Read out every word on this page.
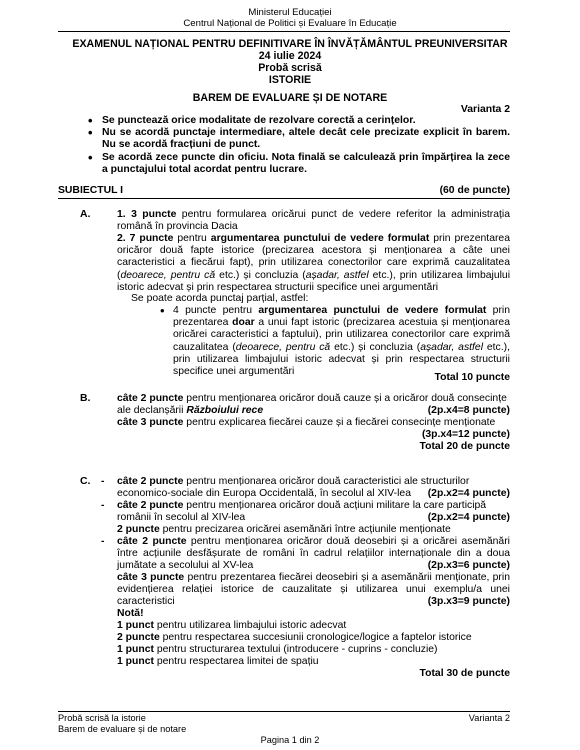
Ministerul Educației
Centrul Național de Politici și Evaluare în Educație
EXAMENUL NAȚIONAL PENTRU DEFINITIVARE ÎN ÎNVĂȚĂMÂNTUL PREUNIVERSITAR
24 iulie 2024
Probă scrisă
ISTORIE
BAREM DE EVALUARE ȘI DE NOTARE
Varianta 2
• Se punctează orice modalitate de rezolvare corectă a cerințelor.
• Nu se acordă punctaje intermediare, altele decât cele precizate explicit în barem. Nu se acordă fracțiuni de punct.
• Se acordă zece puncte din oficiu. Nota finală se calculează prin împărțirea la zece a punctajului total acordat pentru lucrare.
SUBIECTUL I	(60 de puncte)
A.	1. 3 puncte pentru formularea oricărui punct de vedere referitor la administrația română în provincia Dacia
2. 7 puncte pentru argumentarea punctului de vedere formulat prin prezentarea oricăror două fapte istorice (precizarea acestora și menționarea a câte unei caracteristici a fiecărui fapt), prin utilizarea conectorilor care exprimă cauzalitatea (deoarece, pentru că etc.) și concluzia (așadar, astfel etc.), prin utilizarea limbajului istoric adecvat și prin respectarea structurii specifice unei argumentări
Se poate acorda punctaj parțial, astfel:
• 4 puncte pentru argumentarea punctului de vedere formulat prin prezentarea doar a unui fapt istoric (precizarea acestuia și menționarea oricărei caracteristici a faptului), prin utilizarea conectorilor care exprimă cauzalitatea (deoarece, pentru că etc.) și concluzia (așadar, astfel etc.), prin utilizarea limbajului istoric adecvat și prin respectarea structurii specifice unei argumentări
Total 10 puncte
B.	câte 2 puncte pentru menționarea oricăror două cauze și a oricăror două consecințe ale declanșării Războiului rece	(2p.x4=8 puncte)
câte 3 puncte pentru explicarea fiecărei cauze și a fiecărei consecințe menționate
(3p.x4=12 puncte)
Total 20 de puncte
C. - câte 2 puncte pentru menționarea oricăror două caracteristici ale structurilor economico-sociale din Europa Occidentală, în secolul al XIV-lea	(2p.x2=4 puncte)
- câte 2 puncte pentru menționarea oricăror două acțiuni militare la care participă românii în secolul al XIV-lea	(2p.x2=4 puncte)
2 puncte pentru precizarea oricărei asemănări între acțiunile menționate
- câte 2 puncte pentru menționarea oricăror două deosebiri și a oricărei asemănări între acțiunile desfășurate de români în cadrul relațiilor internaționale din a doua jumătate a secolului al XV-lea	(2p.x3=6 puncte)
câte 3 puncte pentru prezentarea fiecărei deosebiri și a asemănării menționate, prin evidențierea relației istorice de cauzalitate și utilizarea unui exemplu/a unei caracteristici	(3p.x3=9 puncte)
Notă!
1 punct pentru utilizarea limbajului istoric adecvat
2 puncte pentru respectarea succesiunii cronologice/logice a faptelor istorice
1 punct pentru structurarea textului (introducere - cuprins - concluzie)
1 punct pentru respectarea limitei de spațiu
Total 30 de puncte
Probă scrisă la istorie
Barem de evaluare și de notare
Varianta 2
Pagina 1 din 2
